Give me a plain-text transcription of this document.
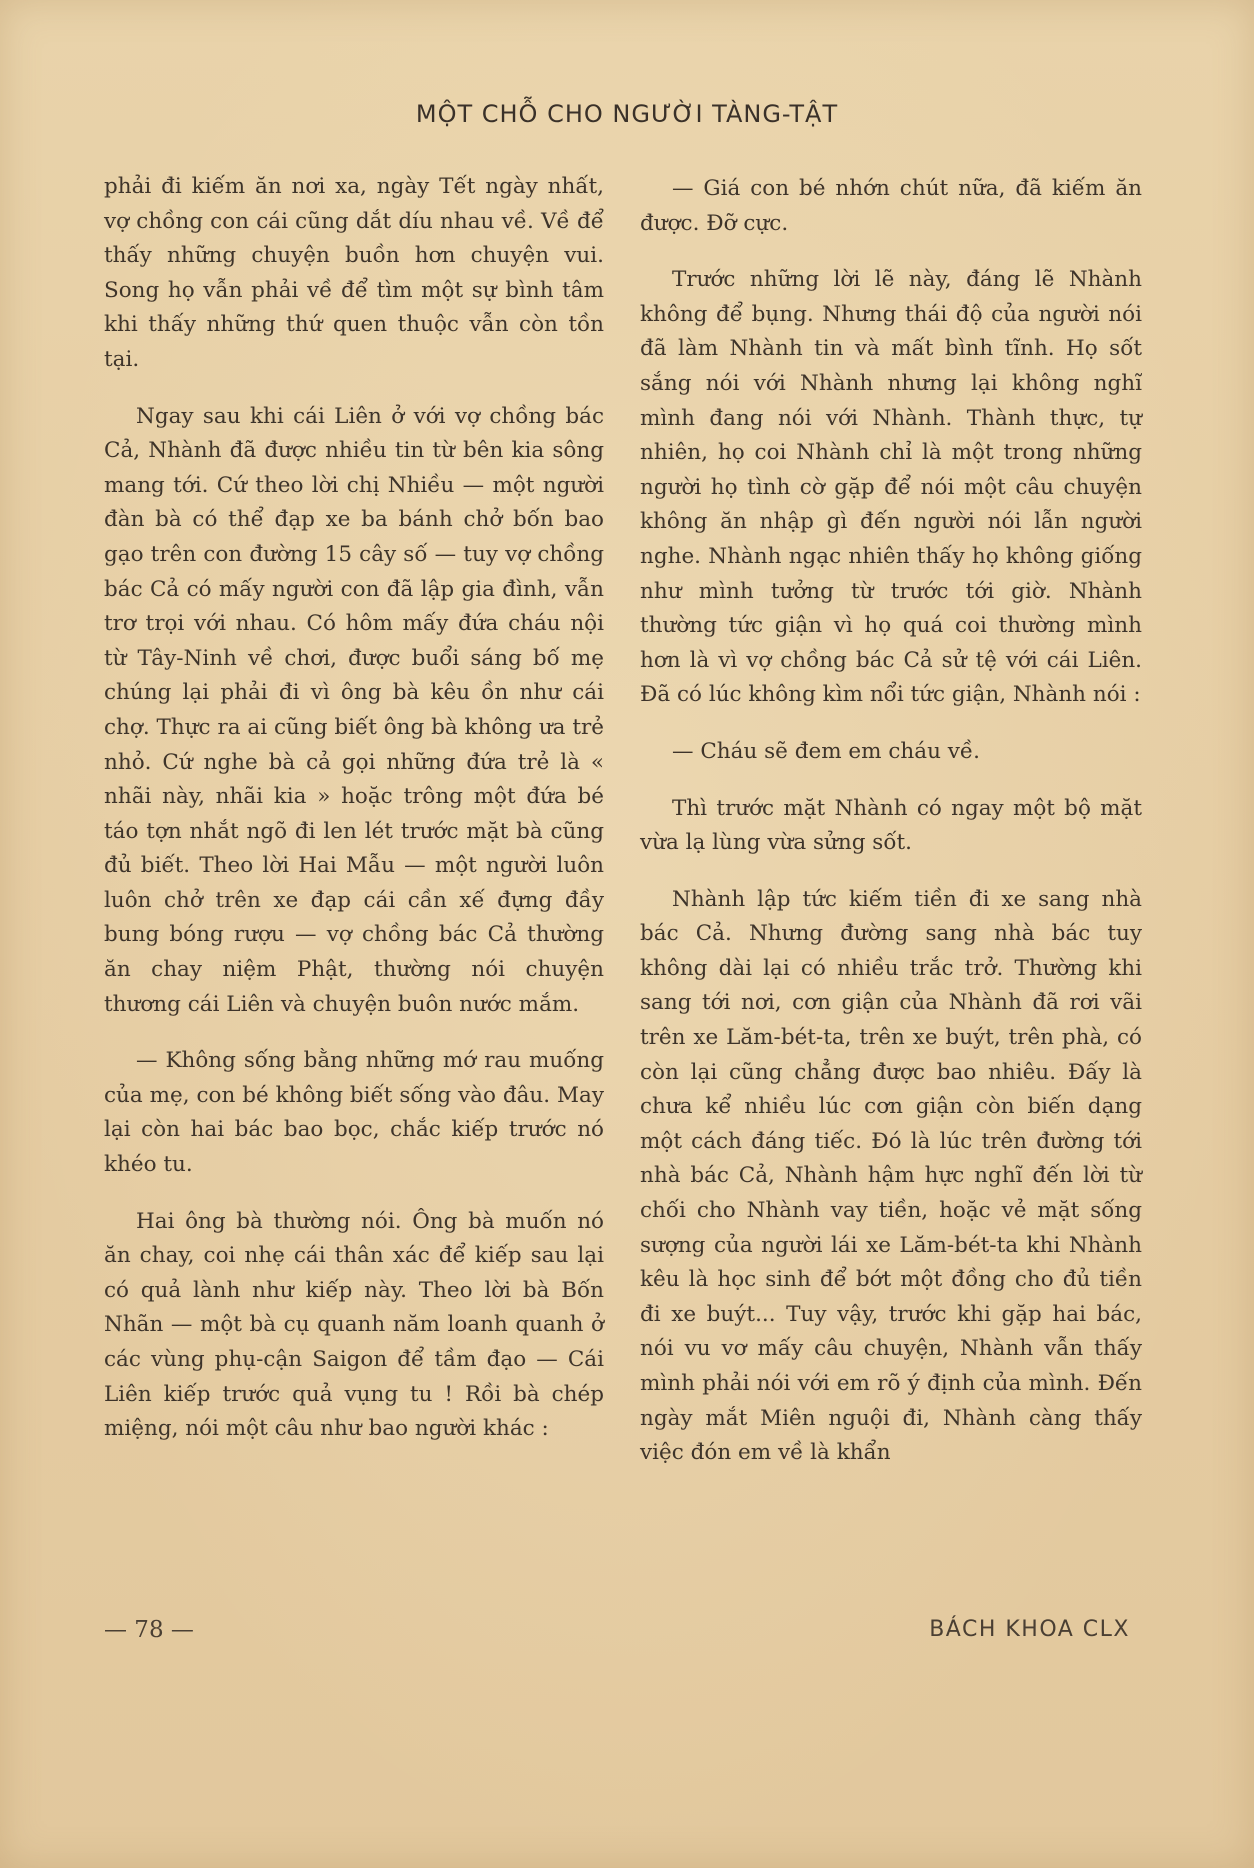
MỘT CHỖ CHO NGƯỜI TÀNG-TẬT

phải đi kiếm ăn nơi xa, ngày Tết ngày nhất, vợ chồng con cái cũng dắt díu nhau về. Về để thấy những chuyện buồn hơn chuyện vui. Song họ vẫn phải về để tìm một sự bình tâm khi thấy những thứ quen thuộc vẫn còn tồn tại.

Ngay sau khi cái Liên ở với vợ chồng bác Cả, Nhành đã được nhiều tin từ bên kia sông mang tới. Cứ theo lời chị Nhiều — một người đàn bà có thể đạp xe ba bánh chở bốn bao gạo trên con đường 15 cây số — tuy vợ chồng bác Cả có mấy người con đã lập gia đình, vẫn trơ trọi với nhau. Có hôm mấy đứa cháu nội từ Tây-Ninh về chơi, được buổi sáng bố mẹ chúng lại phải đi vì ông bà kêu ồn như cái chợ. Thực ra ai cũng biết ông bà không ưa trẻ nhỏ. Cứ nghe bà cả gọi những đứa trẻ là « nhãi này, nhãi kia » hoặc trông một đứa bé táo tợn nhắt ngõ đi len lét trước mặt bà cũng đủ biết. Theo lời Hai Mẫu — một người luôn luôn chở trên xe đạp cái cần xế đựng đầy bung bóng rượu — vợ chồng bác Cả thường ăn chay niệm Phật, thường nói chuyện thương cái Liên và chuyện buôn nước mắm.

— Không sống bằng những mớ rau muống của mẹ, con bé không biết sống vào đâu. May lại còn hai bác bao bọc, chắc kiếp trước nó khéo tu.

Hai ông bà thường nói. Ông bà muốn nó ăn chay, coi nhẹ cái thân xác để kiếp sau lại có quả lành như kiếp này. Theo lời bà Bốn Nhãn — một bà cụ quanh năm loanh quanh ở các vùng phụ-cận Saigon để tầm đạo — Cái Liên kiếp trước quả vụng tu ! Rồi bà chép miệng, nói một câu như bao người khác :

— Giá con bé nhớn chút nữa, đã kiếm ăn được. Đỡ cực.

Trước những lời lẽ này, đáng lẽ Nhành không để bụng. Nhưng thái độ của người nói đã làm Nhành tin và mất bình tĩnh. Họ sốt sắng nói với Nhành nhưng lại không nghĩ mình đang nói với Nhành. Thành thực, tự nhiên, họ coi Nhành chỉ là một trong những người họ tình cờ gặp để nói một câu chuyện không ăn nhập gì đến người nói lẫn người nghe. Nhành ngạc nhiên thấy họ không giống như mình tưởng từ trước tới giờ. Nhành thường tức giận vì họ quá coi thường mình hơn là vì vợ chồng bác Cả sử tệ với cái Liên. Đã có lúc không kìm nổi tức giận, Nhành nói :

— Cháu sẽ đem em cháu về.

Thì trước mặt Nhành có ngay một bộ mặt vừa lạ lùng vừa sửng sốt.

Nhành lập tức kiếm tiền đi xe sang nhà bác Cả. Nhưng đường sang nhà bác tuy không dài lại có nhiều trắc trở. Thường khi sang tới nơi, cơn giận của Nhành đã rơi vãi trên xe Lăm-bét-ta, trên xe buýt, trên phà, có còn lại cũng chẳng được bao nhiêu. Đấy là chưa kể nhiều lúc cơn giận còn biến dạng một cách đáng tiếc. Đó là lúc trên đường tới nhà bác Cả, Nhành hậm hực nghĩ đến lời từ chối cho Nhành vay tiền, hoặc vẻ mặt sống sượng của người lái xe Lăm-bét-ta khi Nhành kêu là học sinh để bớt một đồng cho đủ tiền đi xe buýt... Tuy vậy, trước khi gặp hai bác, nói vu vơ mấy câu chuyện, Nhành vẫn thấy mình phải nói với em rõ ý định của mình. Đến ngày mắt Miên nguội đi, Nhành càng thấy việc đón em về là khẩn

— 78 —	BÁCH KHOA CLX
